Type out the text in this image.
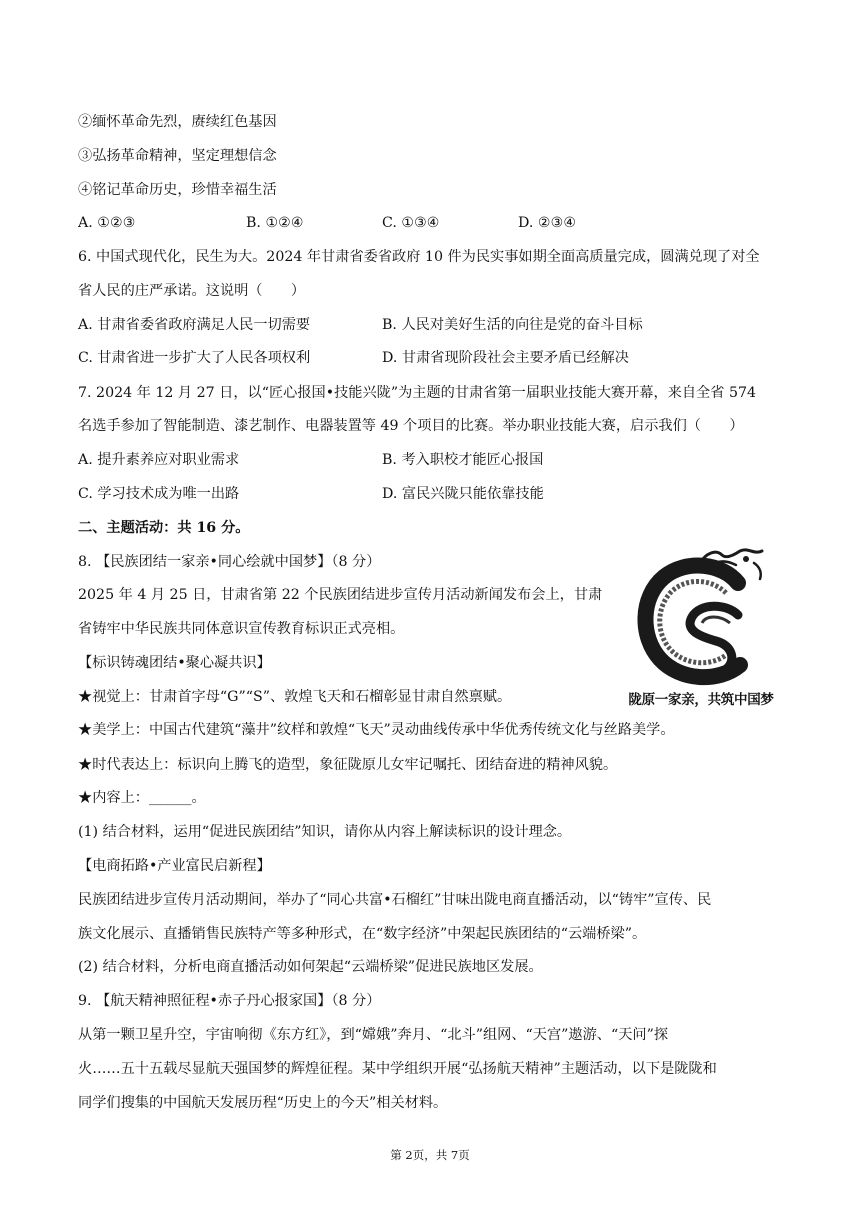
②缅怀革命先烈，赓续红色基因
③弘扬革命精神，坚定理想信念
④铭记革命历史，珍惜幸福生活
A. ①②③	B. ①②④	C. ①③④	D. ②③④
6. 中国式现代化，民生为大。2024 年甘肃省委省政府 10 件为民实事如期全面高质量完成，圆满兑现了对全
省人民的庄严承诺。这说明（　　）
A. 甘肃省委省政府满足人民一切需要	B. 人民对美好生活的向往是党的奋斗目标
C. 甘肃省进一步扩大了人民各项权利	D. 甘肃省现阶段社会主要矛盾已经解决
7. 2024 年 12 月 27 日，以“匠心报国•技能兴陇”为主题的甘肃省第一届职业技能大赛开幕，来自全省 574
名选手参加了智能制造、漆艺制作、电器装置等 49 个项目的比赛。举办职业技能大赛，启示我们（　　）
A. 提升素养应对职业需求	B. 考入职校才能匠心报国
C. 学习技术成为唯一出路	D. 富民兴陇只能依靠技能
二、主题活动：共 16 分。
8. 【民族团结一家亲•同心绘就中国梦】（8 分）
2025 年 4 月 25 日，甘肃省第 22 个民族团结进步宣传月活动新闻发布会上，甘肃
省铸牢中华民族共同体意识宣传教育标识正式亮相。
【标识铸魂团结•聚心凝共识】
★视觉上：甘肃首字母“G”“S”、敦煌飞天和石榴彰显甘肃自然禀赋。
★美学上：中国古代建筑“藻井”纹样和敦煌“飞天”灵动曲线传承中华优秀传统文化与丝路美学。
★时代表达上：标识向上腾飞的造型，象征陇原儿女牢记嘱托、团结奋进的精神风貌。
★内容上：______。
(1) 结合材料，运用“促进民族团结”知识，请你从内容上解读标识的设计理念。
【电商拓路•产业富民启新程】
民族团结进步宣传月活动期间，举办了“同心共富•石榴红”甘味出陇电商直播活动，以“铸牢”宣传、民
族文化展示、直播销售民族特产等多种形式，在“数字经济”中架起民族团结的“云端桥梁”。
(2) 结合材料，分析电商直播活动如何架起“云端桥梁”促进民族地区发展。
陇原一家亲，共筑中国梦
9. 【航天精神照征程•赤子丹心报家国】（8 分）
从第一颗卫星升空，宇宙响彻《东方红》，到“嫦娥”奔月、“北斗”组网、“天宫”遨游、“天问”探
火……五十五载尽显航天强国梦的辉煌征程。某中学组织开展“弘扬航天精神”主题活动，以下是陇陇和
同学们搜集的中国航天发展历程“历史上的今天”相关材料。
第 2页，共 7页
